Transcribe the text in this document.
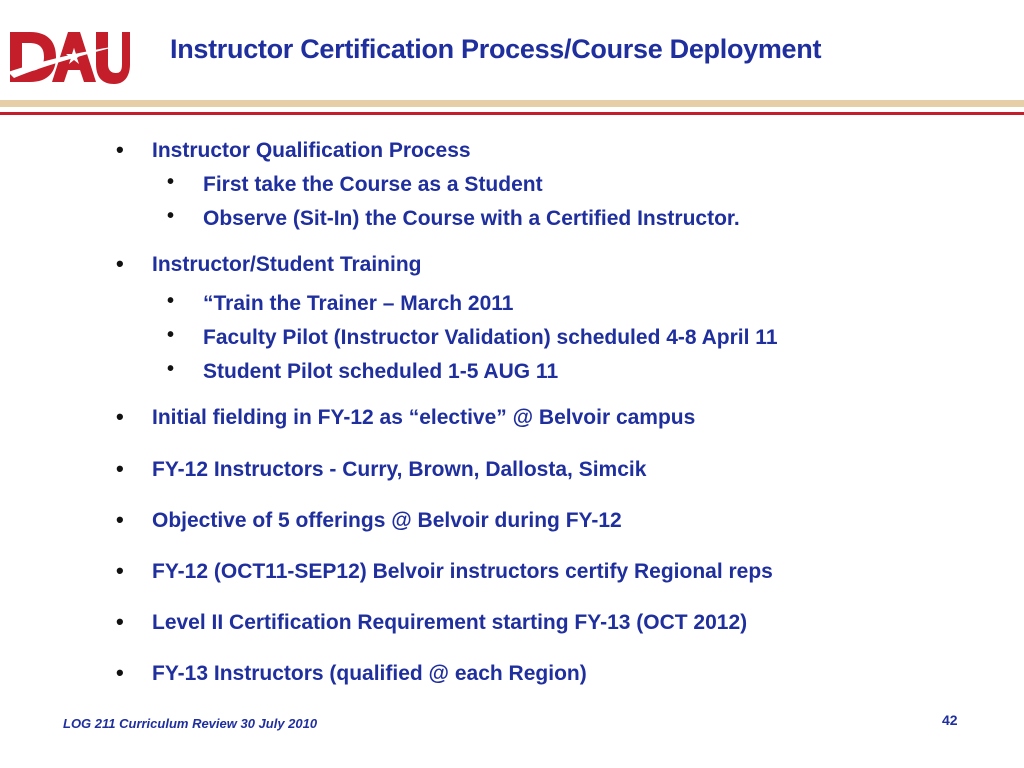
Instructor Certification Process/Course Deployment
• Instructor Qualification Process
• First take the Course as a Student
• Observe (Sit-In) the Course with a Certified Instructor.
• Instructor/Student Training
• “Train the Trainer – March 2011
• Faculty Pilot (Instructor Validation) scheduled 4-8 April 11
• Student Pilot scheduled 1-5 AUG 11
• Initial fielding in FY-12 as “elective” @ Belvoir campus
• FY-12 Instructors - Curry, Brown, Dallosta, Simcik
• Objective of 5 offerings @ Belvoir during FY-12
• FY-12 (OCT11-SEP12) Belvoir instructors certify Regional reps
• Level II Certification Requirement starting FY-13 (OCT 2012)
• FY-13 Instructors (qualified @ each Region)
LOG 211 Curriculum Review 30 July 2010	42
